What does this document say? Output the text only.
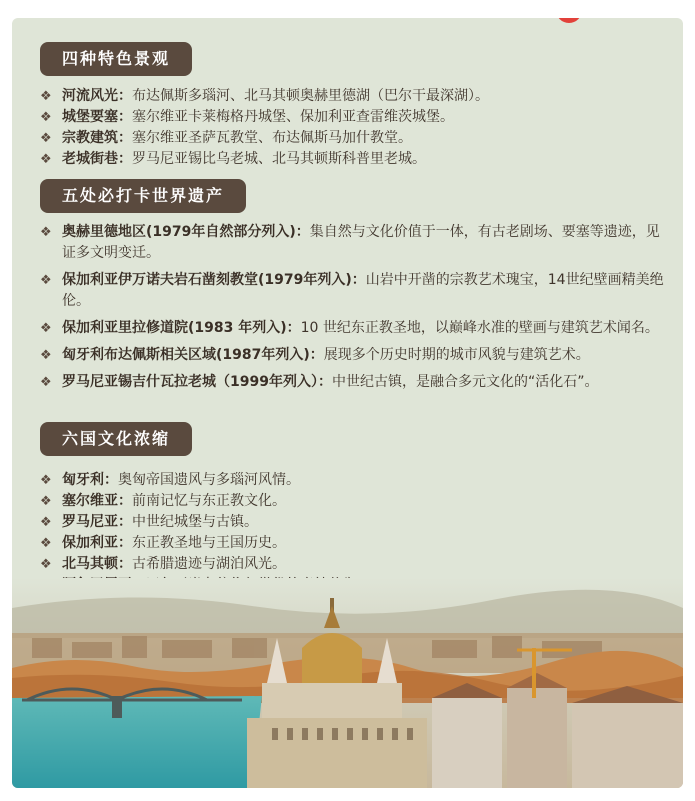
四种特色景观
❖ 河流风光：布达佩斯多瑙河、北马其顿奥赫里德湖（巴尔干最深湖）。
❖ 城堡要塞：塞尔维亚卡莱梅格丹城堡、保加利亚查雷维茨城堡。
❖ 宗教建筑：塞尔维亚圣萨瓦教堂、布达佩斯马加什教堂。
❖ 老城街巷：罗马尼亚锡比乌老城、北马其顿斯科普里老城。
五处必打卡世界遗产
❖ 奥赫里德地区(1979年自然部分列入)：集自然与文化价值于一体，有古老剧场、要塞等遗迹，见证多文明变迁。
❖ 保加利亚伊万诺夫岩石凿刻教堂(1979年列入)：山岩中开凿的宗教艺术瑰宝，14世纪壁画精美绝伦。
❖ 保加利亚里拉修道院(1983 年列入)：10 世纪东正教圣地，以巅峰水准的壁画与建筑艺术闻名。
❖ 匈牙利布达佩斯相关区域(1987年列入)：展现多个历史时期的城市风貌与建筑艺术。
❖ 罗马尼亚锡吉什瓦拉老城（1999年列入）：中世纪古镇，是融合多元文化的“活化石”。
六国文化浓缩
❖ 匈牙利：奥匈帝国遗风与多瑙河风情。
❖ 塞尔维亚：前南记忆与东正教文化。
❖ 罗马尼亚：中世纪城堡与古镇。
❖ 保加利亚：东正教圣地与王国历史。
❖ 北马其顿：古希腊遗迹与湖泊风光。
